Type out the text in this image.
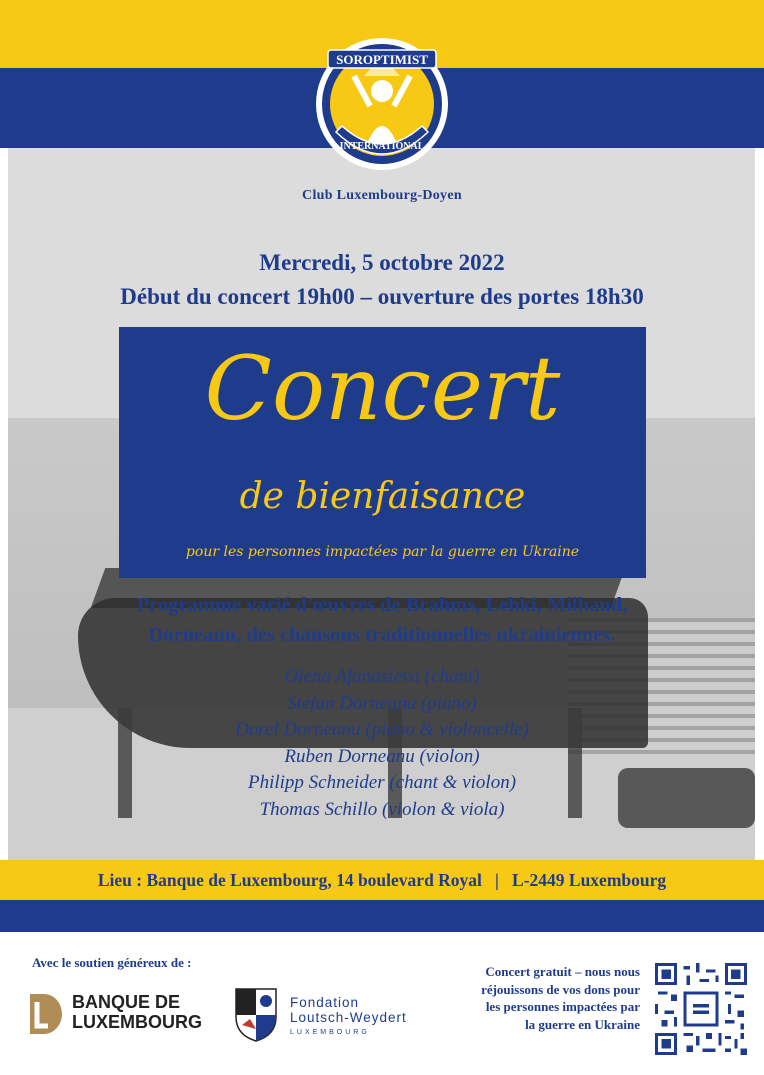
SOROPTIMIST
INTERNATIONAL
Club Luxembourg-Doyen
Mercredi, 5 octobre 2022
Début du concert 19h00 – ouverture des portes 18h30
Concert
de bienfaisance
pour les personnes impactées par la guerre en Ukraine
Programme varié d'œuvres de Brahms, Lehki, Milhaud,
Dorneanu, des chansons traditionnelles ukrainiennes.
Olena Afanasieva (chant)
Stefan Dorneanu (piano)
Dorel Dorneanu (piano & violoncelle)
Ruben Dorneanu (violon)
Philipp Schneider (chant & violon)
Thomas Schillo (violon & viola)
Lieu : Banque de Luxembourg, 14 boulevard Royal   |   L-2449 Luxembourg
Avec le soutien généreux de :
BANQUE DE
LUXEMBOURG
Fondation
Loutsch-Weydert
LUXEMBOURG
Concert gratuit – nous nous réjouissons de vos dons pour les personnes impactées par la guerre en Ukraine
